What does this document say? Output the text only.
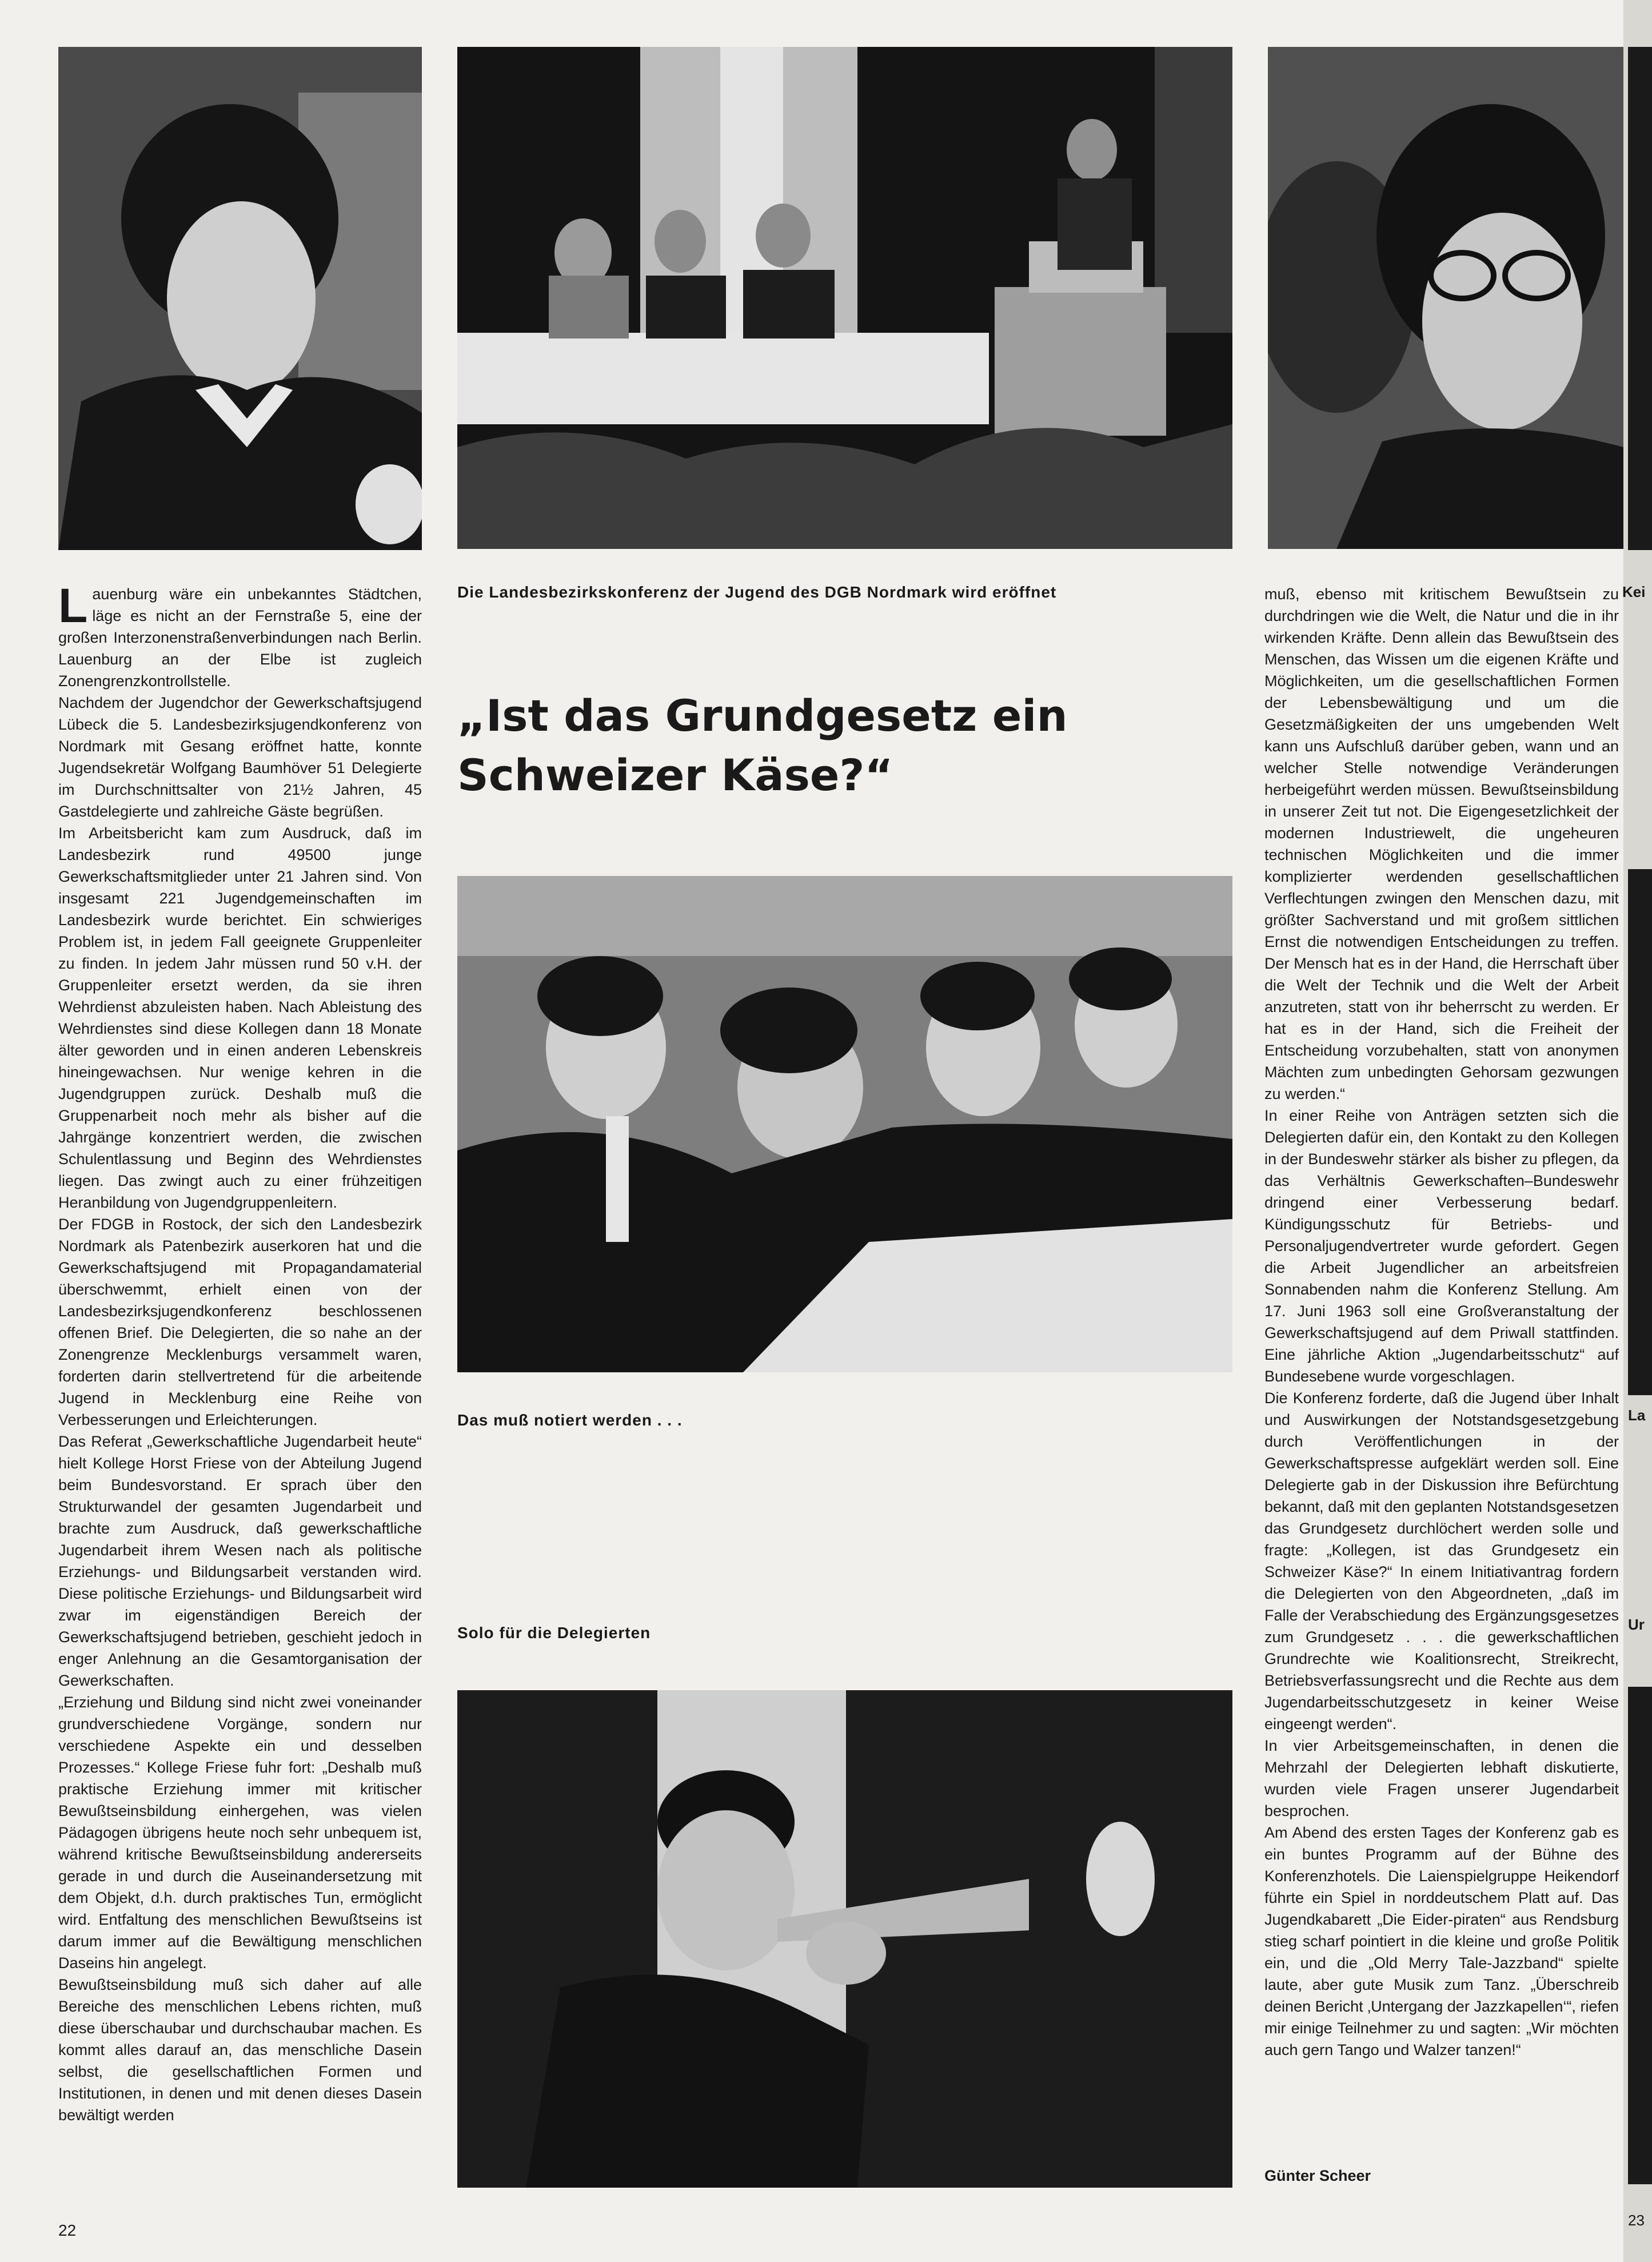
Die Landesbezirkskonferenz der Jugend des DGB Nordmark wird eröffnet
Das muß notiert werden . . .
Solo für die Delegierten
„Ist das Grundgesetz ein
Schweizer Käse?“

Lauenburg wäre ein unbekanntes Städtchen, läge es nicht an der Fernstraße 5, eine der großen Interzonenstraßenverbindungen nach Berlin. Lauenburg an der Elbe ist zugleich Zonengrenzkontrollstelle.

Nachdem der Jugendchor der Gewerkschaftsjugend Lübeck die 5. Landesbezirksjugendkonferenz von Nordmark mit Gesang eröffnet hatte, konnte Jugendsekretär Wolfgang Baumhöver 51 Delegierte im Durchschnittsalter von 21½ Jahren, 45 Gastdelegierte und zahlreiche Gäste begrüßen.

Im Arbeitsbericht kam zum Ausdruck, daß im Landesbezirk rund 49500 junge Gewerkschaftsmitglieder unter 21 Jahren sind. Von insgesamt 221 Jugendgemeinschaften im Landesbezirk wurde berichtet. Ein schwieriges Problem ist, in jedem Fall geeignete Gruppenleiter zu finden. In jedem Jahr müssen rund 50 v.H. der Gruppenleiter ersetzt werden, da sie ihren Wehrdienst abzuleisten haben. Nach Ableistung des Wehrdienstes sind diese Kollegen dann 18 Monate älter geworden und in einen anderen Lebenskreis hineingewachsen. Nur wenige kehren in die Jugendgruppen zurück. Deshalb muß die Gruppenarbeit noch mehr als bisher auf die Jahrgänge konzentriert werden, die zwischen Schulentlassung und Beginn des Wehrdienstes liegen. Das zwingt auch zu einer frühzeitigen Heranbildung von Jugendgruppenleitern.

Der FDGB in Rostock, der sich den Landesbezirk Nordmark als Patenbezirk auserkoren hat und die Gewerkschaftsjugend mit Propagandamaterial überschwemmt, erhielt einen von der Landesbezirksjugendkonferenz beschlossenen offenen Brief. Die Delegierten, die so nahe an der Zonengrenze Mecklenburgs versammelt waren, forderten darin stellvertretend für die arbeitende Jugend in Mecklenburg eine Reihe von Verbesserungen und Erleichterungen.

Das Referat „Gewerkschaftliche Jugendarbeit heute“ hielt Kollege Horst Friese von der Abteilung Jugend beim Bundesvorstand. Er sprach über den Strukturwandel der gesamten Jugendarbeit und brachte zum Ausdruck, daß gewerkschaftliche Jugendarbeit ihrem Wesen nach als politische Erziehungs- und Bildungsarbeit verstanden wird. Diese politische Erziehungs- und Bildungsarbeit wird zwar im eigenständigen Bereich der Gewerkschaftsjugend betrieben, geschieht jedoch in enger Anlehnung an die Gesamtorganisation der Gewerkschaften.

„Erziehung und Bildung sind nicht zwei voneinander grundverschiedene Vorgänge, sondern nur verschiedene Aspekte ein und desselben Prozesses.“ Kollege Friese fuhr fort: „Deshalb muß praktische Erziehung immer mit kritischer Bewußtseinsbildung einhergehen, was vielen Pädagogen übrigens heute noch sehr unbequem ist, während kritische Bewußtseinsbildung andererseits gerade in und durch die Auseinandersetzung mit dem Objekt, d.h. durch praktisches Tun, ermöglicht wird. Entfaltung des menschlichen Bewußtseins ist darum immer auf die Bewältigung menschlichen Daseins hin angelegt.

Bewußtseinsbildung muß sich daher auf alle Bereiche des menschlichen Lebens richten, muß diese überschaubar und durchschaubar machen. Es kommt alles darauf an, das menschliche Dasein selbst, die gesellschaftlichen Formen und Institutionen, in denen und mit denen dieses Dasein bewältigt werden

muß, ebenso mit kritischem Bewußtsein zu durchdringen wie die Welt, die Natur und die in ihr wirkenden Kräfte. Denn allein das Bewußtsein des Menschen, das Wissen um die eigenen Kräfte und Möglichkeiten, um die gesellschaftlichen Formen der Lebensbewältigung und um die Gesetzmäßigkeiten der uns umgebenden Welt kann uns Aufschluß darüber geben, wann und an welcher Stelle notwendige Veränderungen herbeigeführt werden müssen. Bewußtseinsbildung in unserer Zeit tut not. Die Eigengesetzlichkeit der modernen Industriewelt, die ungeheuren technischen Möglichkeiten und die immer komplizierter werdenden gesellschaftlichen Verflechtungen zwingen den Menschen dazu, mit größter Sachverstand und mit großem sittlichen Ernst die notwendigen Entscheidungen zu treffen. Der Mensch hat es in der Hand, die Herrschaft über die Welt der Technik und die Welt der Arbeit anzutreten, statt von ihr beherrscht zu werden. Er hat es in der Hand, sich die Freiheit der Entscheidung vorzubehalten, statt von anonymen Mächten zum unbedingten Gehorsam gezwungen zu werden.“

In einer Reihe von Anträgen setzten sich die Delegierten dafür ein, den Kontakt zu den Kollegen in der Bundeswehr stärker als bisher zu pflegen, da das Verhältnis Gewerkschaften–Bundeswehr dringend einer Verbesserung bedarf. Kündigungsschutz für Betriebs- und Personaljugendvertreter wurde gefordert. Gegen die Arbeit Jugendlicher an arbeitsfreien Sonnabenden nahm die Konferenz Stellung. Am 17. Juni 1963 soll eine Großveranstaltung der Gewerkschaftsjugend auf dem Priwall stattfinden. Eine jährliche Aktion „Jugendarbeitsschutz“ auf Bundesebene wurde vorgeschlagen.

Die Konferenz forderte, daß die Jugend über Inhalt und Auswirkungen der Notstandsgesetzgebung durch Veröffentlichungen in der Gewerkschaftspresse aufgeklärt werden soll. Eine Delegierte gab in der Diskussion ihre Befürchtung bekannt, daß mit den geplanten Notstandsgesetzen das Grundgesetz durchlöchert werden solle und fragte: „Kollegen, ist das Grundgesetz ein Schweizer Käse?“ In einem Initiativantrag fordern die Delegierten von den Abgeordneten, „daß im Falle der Verabschiedung des Ergänzungsgesetzes zum Grundgesetz . . . die gewerkschaftlichen Grundrechte wie Koalitionsrecht, Streikrecht, Betriebsverfassungsrecht und die Rechte aus dem Jugendarbeitsschutzgesetz in keiner Weise eingeengt werden“.

In vier Arbeitsgemeinschaften, in denen die Mehrzahl der Delegierten lebhaft diskutierte, wurden viele Fragen unserer Jugendarbeit besprochen.

Am Abend des ersten Tages der Konferenz gab es ein buntes Programm auf der Bühne des Konferenzhotels. Die Laienspielgruppe Heikendorf führte ein Spiel in norddeutschem Platt auf. Das Jugendkabarett „Die Eider-piraten“ aus Rendsburg stieg scharf pointiert in die kleine und große Politik ein, und die „Old Merry Tale-Jazzband“ spielte laute, aber gute Musik zum Tanz. „Überschreib deinen Bericht ‚Untergang der Jazzkapellen‘“, riefen mir einige Teilnehmer zu und sagten: „Wir möchten auch gern Tango und Walzer tanzen!“

Günter Scheer
22
Kei
La
Ur
23
